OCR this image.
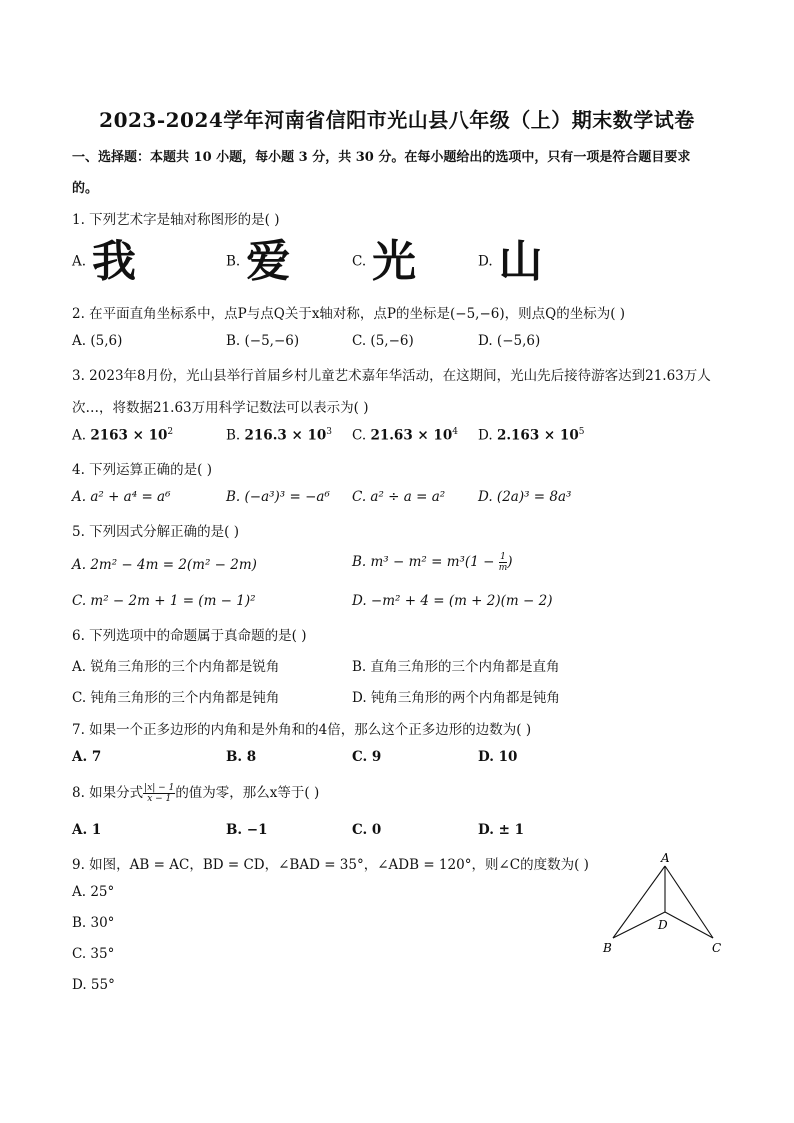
2023-2024学年河南省信阳市光山县八年级（上）期末数学试卷
一、选择题：本题共 10 小题，每小题 3 分，共 30 分。在每小题给出的选项中，只有一项是符合题目要求
的。
1. 下列艺术字是轴对称图形的是( )
A. 我	B. 爱	C. 光	D. 山
2. 在平面直角坐标系中，点P与点Q关于x轴对称，点P的坐标是(−5,−6)，则点Q的坐标为( )
A. (5,6)	B. (−5,−6)	C. (5,−6)	D. (−5,6)
3. 2023年8月份，光山县举行首届乡村儿童艺术嘉年华活动，在这期间，光山先后接待游客达到21.63万人
次…，将数据21.63万用科学记数法可以表示为( )
A. $2163 \times 10^2$	B. $216.3 \times 10^3$ C. $21.63 \times 10^4$ D. $2.163 \times 10^5$
4. 下列运算正确的是( )
A. a² + a⁴ = a⁶	B. (−a³)³ = −a⁶ C. a² ÷ a = a² D. (2a)³ = 8a³
5. 下列因式分解正确的是( )
A. 2m² − 4m = 2(m² − 2m)	B. $m^3 - m^2 = m^3(1 - \frac{1}{m}$ )
C. m² − 2m + 1 = (m − 1)²	D. −m² + 4 = (m + 2)(m − 2)
6. 下列选项中的命题属于真命题的是( )
A. 锐角三角形的三个内角都是锐角	B. 直角三角形的三个内角都是直角
C. 钝角三角形的三个内角都是钝角	D. 钝角三角形的两个内角都是钝角
7. 如果一个正多边形的内角和是外角和的4倍，那么这个正多边形的边数为( )
A. 7	B. 8	C. 9	D. 10
8. 如果分式 $\frac{|x| - 1}{x - 1}$ 的值为零，那么x等于( )
A. 1	B. −1	C. 0	D. ± 1
9. 如图，AB = AC，BD = CD，∠BAD = 35°，∠ADB = 120°，则∠C的度数为( )
A. 25°
B. 30°
C. 35°
D. 55°
A
B	C
D
